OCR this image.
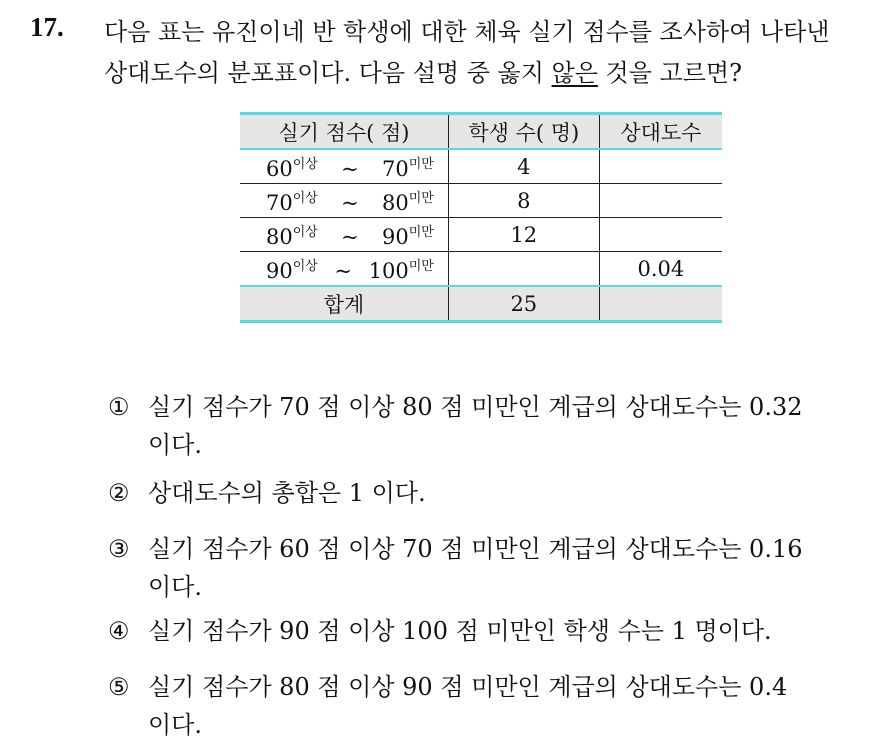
17. 다음 표는 유진이네 반 학생에 대한 체육 실기 점수를 조사하여 나타낸
상대도수의 분포표이다. 다음 설명 중 옳지 않은 것을 고르면?
실기 점수( 점)	학생 수( 명)	상대도수

$60^{이상}$ ~ $70^{미만}$	4	

$70^{이상}$ ~ $80^{미만}$	8	

$80^{이상}$ ~ $90^{미만}$	12	

$90^{이상}$ ~ $100^{미만}$		0.04
합계	25	
① 실기 점수가 70 점 이상 80 점 미만인 계급의 상대도수는 0.32
이다.
② 상대도수의 총합은 1 이다.
③ 실기 점수가 60 점 이상 70 점 미만인 계급의 상대도수는 0.16
이다.
④ 실기 점수가 90 점 이상 100 점 미만인 학생 수는 1 명이다.
⑤ 실기 점수가 80 점 이상 90 점 미만인 계급의 상대도수는 0.4
이다.
